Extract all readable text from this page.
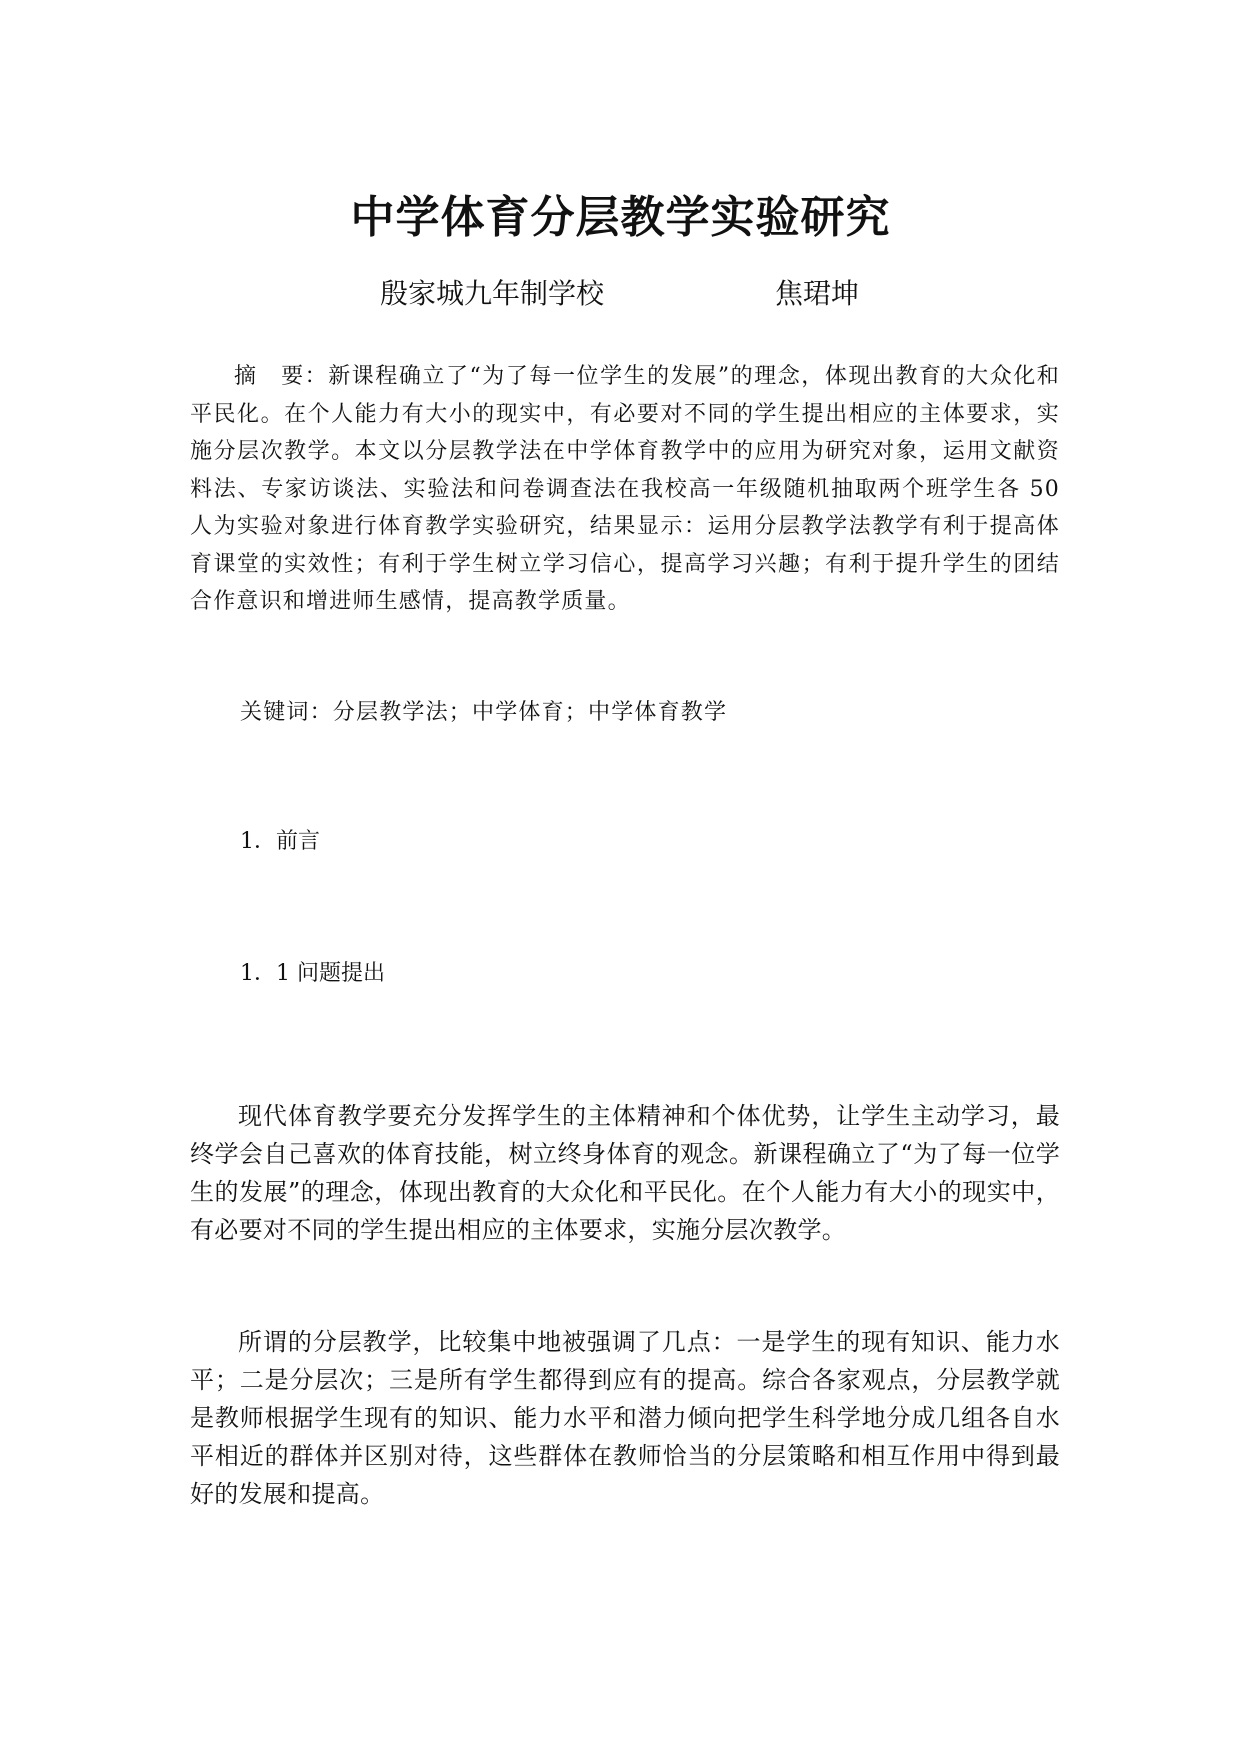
中学体育分层教学实验研究
殷家城九年制学校	焦珺坤

摘　要：新课程确立了“为了每一位学生的发展”的理念，体现出教育的大众化和平民化。在个人能力有大小的现实中，有必要对不同的学生提出相应的主体要求，实施分层次教学。本文以分层教学法在中学体育教学中的应用为研究对象，运用文献资料法、专家访谈法、实验法和问卷调查法在我校高一年级随机抽取两个班学生各 50 人为实验对象进行体育教学实验研究，结果显示：运用分层教学法教学有利于提高体育课堂的实效性；有利于学生树立学习信心，提高学习兴趣；有利于提升学生的团结合作意识和增进师生感情，提高教学质量。

关键词：分层教学法；中学体育；中学体育教学

1．前言
1．1 问题提出

现代体育教学要充分发挥学生的主体精神和个体优势，让学生主动学习，最终学会自己喜欢的体育技能，树立终身体育的观念。新课程确立了“为了每一位学生的发展”的理念，体现出教育的大众化和平民化。在个人能力有大小的现实中，有必要对不同的学生提出相应的主体要求，实施分层次教学。

所谓的分层教学，比较集中地被强调了几点：一是学生的现有知识、能力水平；二是分层次；三是所有学生都得到应有的提高。综合各家观点，分层教学就是教师根据学生现有的知识、能力水平和潜力倾向把学生科学地分成几组各自水平相近的群体并区别对待，这些群体在教师恰当的分层策略和相互作用中得到最好的发展和提高。
